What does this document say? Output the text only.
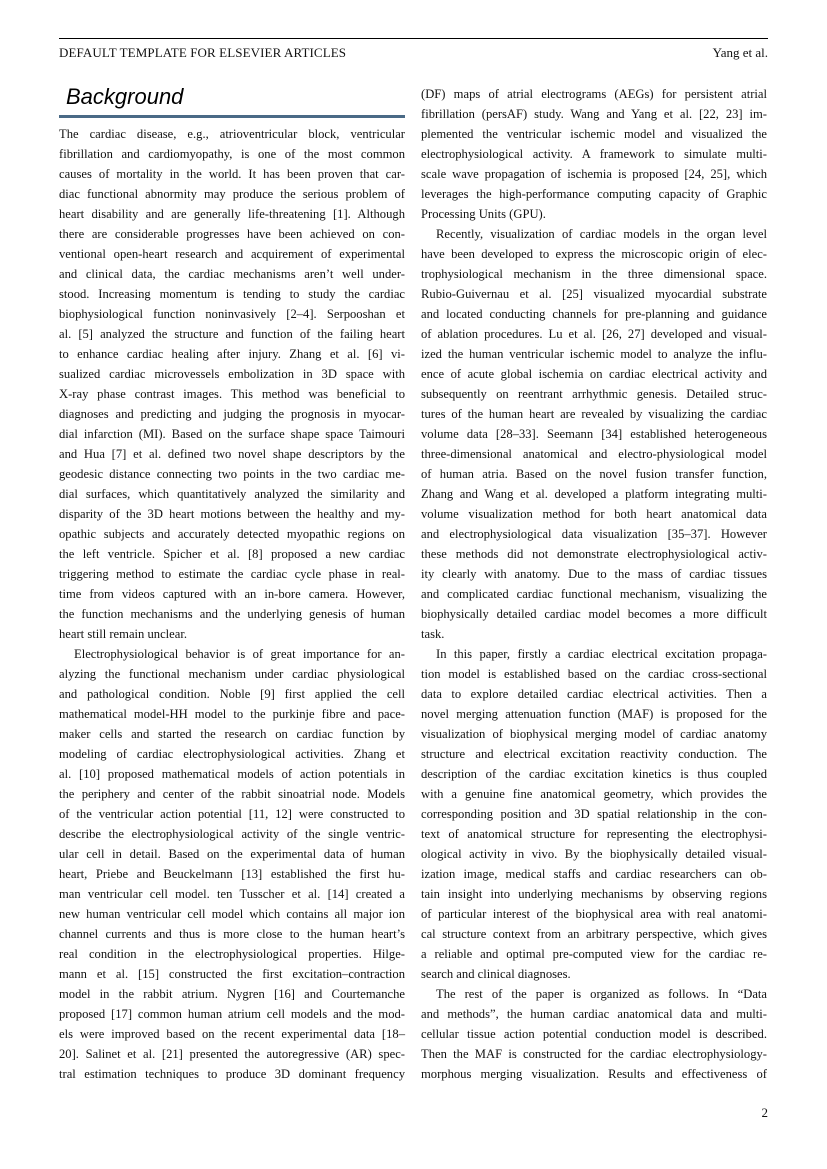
DEFAULT TEMPLATE FOR ELSEVIER ARTICLES	Yang et al.
Background
The cardiac disease, e.g., atrioventricular block, ventricular
fibrillation and cardiomyopathy, is one of the most common
causes of mortality in the world. It has been proven that car-
diac functional abnormity may produce the serious problem of
heart disability and are generally life-threatening [1]. Although
there are considerable progresses have been achieved on con-
ventional open-heart research and acquirement of experimental
and clinical data, the cardiac mechanisms aren’t well under-
stood. Increasing momentum is tending to study the cardiac
biophysiological function noninvasively [2–4]. Serpooshan et
al. [5] analyzed the structure and function of the failing heart
to enhance cardiac healing after injury. Zhang et al. [6] vi-
sualized cardiac microvessels embolization in 3D space with
X-ray phase contrast images. This method was beneficial to
diagnoses and predicting and judging the prognosis in myocar-
dial infarction (MI). Based on the surface shape space Taimouri
and Hua [7] et al. defined two novel shape descriptors by the
geodesic distance connecting two points in the two cardiac me-
dial surfaces, which quantitatively analyzed the similarity and
disparity of the 3D heart motions between the healthy and my-
opathic subjects and accurately detected myopathic regions on
the left ventricle. Spicher et al. [8] proposed a new cardiac
triggering method to estimate the cardiac cycle phase in real-
time from videos captured with an in-bore camera. However,
the function mechanisms and the underlying genesis of human
heart still remain unclear.
Electrophysiological behavior is of great importance for an-
alyzing the functional mechanism under cardiac physiological
and pathological condition. Noble [9] first applied the cell
mathematical model-HH model to the purkinje fibre and pace-
maker cells and started the research on cardiac function by
modeling of cardiac electrophysiological activities. Zhang et
al. [10] proposed mathematical models of action potentials in
the periphery and center of the rabbit sinoatrial node. Models
of the ventricular action potential [11, 12] were constructed to
describe the electrophysiological activity of the single ventric-
ular cell in detail. Based on the experimental data of human
heart, Priebe and Beuckelmann [13] established the first hu-
man ventricular cell model. ten Tusscher et al. [14] created a
new human ventricular cell model which contains all major ion
channel currents and thus is more close to the human heart’s
real condition in the electrophysiological properties. Hilge-
mann et al. [15] constructed the first excitation–contraction
model in the rabbit atrium. Nygren [16] and Courtemanche
proposed [17] common human atrium cell models and the mod-
els were improved based on the recent experimental data [18–
20]. Salinet et al. [21] presented the autoregressive (AR) spec-
tral estimation techniques to produce 3D dominant frequency
(DF) maps of atrial electrograms (AEGs) for persistent atrial
fibrillation (persAF) study. Wang and Yang et al. [22, 23] im-
plemented the ventricular ischemic model and visualized the
electrophysiological activity. A framework to simulate multi-
scale wave propagation of ischemia is proposed [24, 25], which
leverages the high-performance computing capacity of Graphic
Processing Units (GPU).
Recently, visualization of cardiac models in the organ level
have been developed to express the microscopic origin of elec-
trophysiological mechanism in the three dimensional space.
Rubio-Guivernau et al. [25] visualized myocardial substrate
and located conducting channels for pre-planning and guidance
of ablation procedures. Lu et al. [26, 27] developed and visual-
ized the human ventricular ischemic model to analyze the influ-
ence of acute global ischemia on cardiac electrical activity and
subsequently on reentrant arrhythmic genesis. Detailed struc-
tures of the human heart are revealed by visualizing the cardiac
volume data [28–33]. Seemann [34] established heterogeneous
three-dimensional anatomical and electro-physiological model
of human atria. Based on the novel fusion transfer function,
Zhang and Wang et al. developed a platform integrating multi-
volume visualization method for both heart anatomical data
and electrophysiological data visualization [35–37]. However
these methods did not demonstrate electrophysiological activ-
ity clearly with anatomy. Due to the mass of cardiac tissues
and complicated cardiac functional mechanism, visualizing the
biophysically detailed cardiac model becomes a more difficult
task.
In this paper, firstly a cardiac electrical excitation propaga-
tion model is established based on the cardiac cross-sectional
data to explore detailed cardiac electrical activities. Then a
novel merging attenuation function (MAF) is proposed for the
visualization of biophysical merging model of cardiac anatomy
structure and electrical excitation reactivity conduction. The
description of the cardiac excitation kinetics is thus coupled
with a genuine fine anatomical geometry, which provides the
corresponding position and 3D spatial relationship in the con-
text of anatomical structure for representing the electrophysi-
ological activity in vivo. By the biophysically detailed visual-
ization image, medical staffs and cardiac researchers can ob-
tain insight into underlying mechanisms by observing regions
of particular interest of the biophysical area with real anatomi-
cal structure context from an arbitrary perspective, which gives
a reliable and optimal pre-computed view for the cardiac re-
search and clinical diagnoses.
The rest of the paper is organized as follows. In “Data
and methods”, the human cardiac anatomical data and multi-
cellular tissue action potential conduction model is described.
Then the MAF is constructed for the cardiac electrophysiology-
morphous merging visualization. Results and effectiveness of
2
